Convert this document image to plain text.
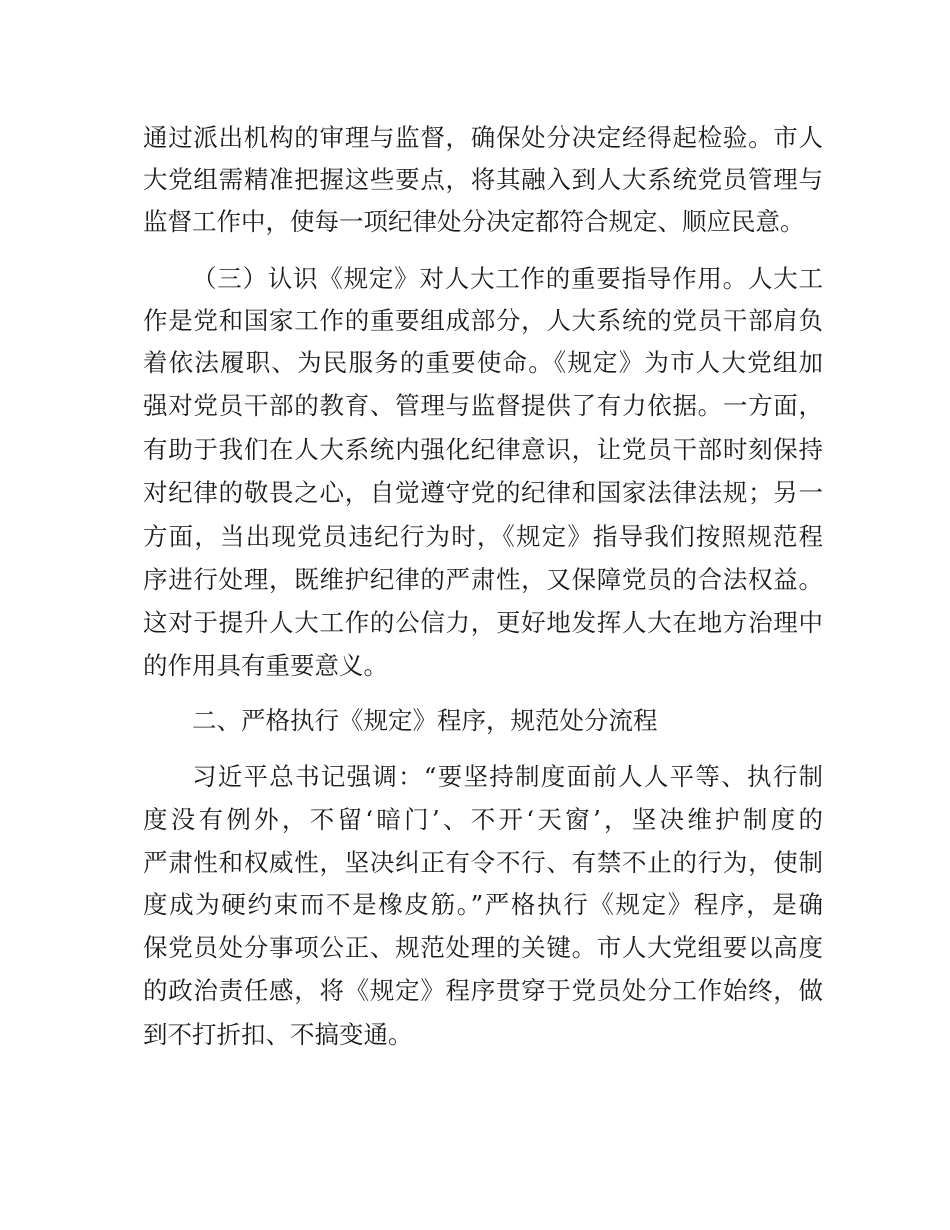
通过派出机构的审理与监督，确保处分决定经得起检验。市人
大党组需精准把握这些要点，将其融入到人大系统党员管理与
监督工作中，使每一项纪律处分决定都符合规定、顺应民意。
（三）认识《规定》对人大工作的重要指导作用。人大工
作是党和国家工作的重要组成部分，人大系统的党员干部肩负
着依法履职、为民服务的重要使命。《规定》为市人大党组加
强对党员干部的教育、管理与监督提供了有力依据。一方面，
有助于我们在人大系统内强化纪律意识，让党员干部时刻保持
对纪律的敬畏之心，自觉遵守党的纪律和国家法律法规；另一
方面，当出现党员违纪行为时，《规定》指导我们按照规范程
序进行处理，既维护纪律的严肃性，又保障党员的合法权益。
这对于提升人大工作的公信力，更好地发挥人大在地方治理中
的作用具有重要意义。
二、严格执行《规定》程序，规范处分流程
习近平总书记强调：“要坚持制度面前人人平等、执行制
度没有例外，不留‘暗门’、不开‘天窗’，坚决维护制度的
严肃性和权威性，坚决纠正有令不行、有禁不止的行为，使制
度成为硬约束而不是橡皮筋。”严格执行《规定》程序，是确
保党员处分事项公正、规范处理的关键。市人大党组要以高度
的政治责任感，将《规定》程序贯穿于党员处分工作始终，做
到不打折扣、不搞变通。
